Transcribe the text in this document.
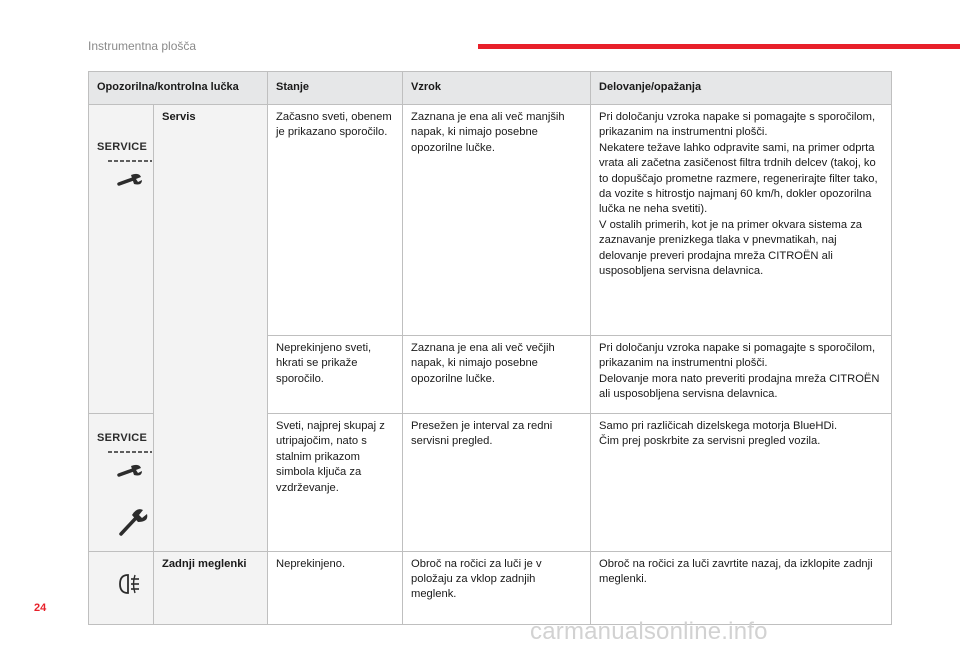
Instrumentna plošča
Opozorilna/kontrolna lučka		Stanje	Vzrok	Delovanje/opažanja

SERVICE	Servis	Začasno sveti, obenem je prikazano sporočilo.	Zaznana je ena ali več manjših napak, ki nimajo posebne opozorilne lučke.	Pri določanju vzroka napake si pomagajte s sporočilom, prikazanim na instrumentni plošči.
Nekatere težave lahko odpravite sami, na primer odprta vrata ali začetna zasičenost filtra trdnih delcev (takoj, ko to dopuščajo prometne razmere, regenerirajte filter tako, da vozite s hitrostjo najmanj 60 km/h, dokler opozorilna lučka ne neha svetiti).
V ostalih primerih, kot je na primer okvara sistema za zaznavanje prenizkega tlaka v pnevmatikah, naj delovanje preveri prodajna mreža CITROËN ali usposobljena servisna delavnica.

		Neprekinjeno sveti, hkrati se prikaže sporočilo.	Zaznana je ena ali več večjih napak, ki nimajo posebne opozorilne lučke.	Pri določanju vzroka napake si pomagajte s sporočilom, prikazanim na instrumentni plošči.
Delovanje mora nato preveriti prodajna mreža CITROËN ali usposobljena servisna delavnica.

SERVICE		Sveti, najprej skupaj z utripajočim, nato s stalnim prikazom simbola ključa za vzdrževanje.	Presežen je interval za redni servisni pregled.	Samo pri različicah dizelskega motorja BlueHDi.
Čim prej poskrbite za servisni pregled vozila.

	Zadnji meglenki	Neprekinjeno.	Obroč na ročici za luči je v položaju za vklop zadnjih meglenk.	Obroč na ročici za luči zavrtite nazaj, da izklopite zadnji meglenki.
24
carmanualsonline.info
